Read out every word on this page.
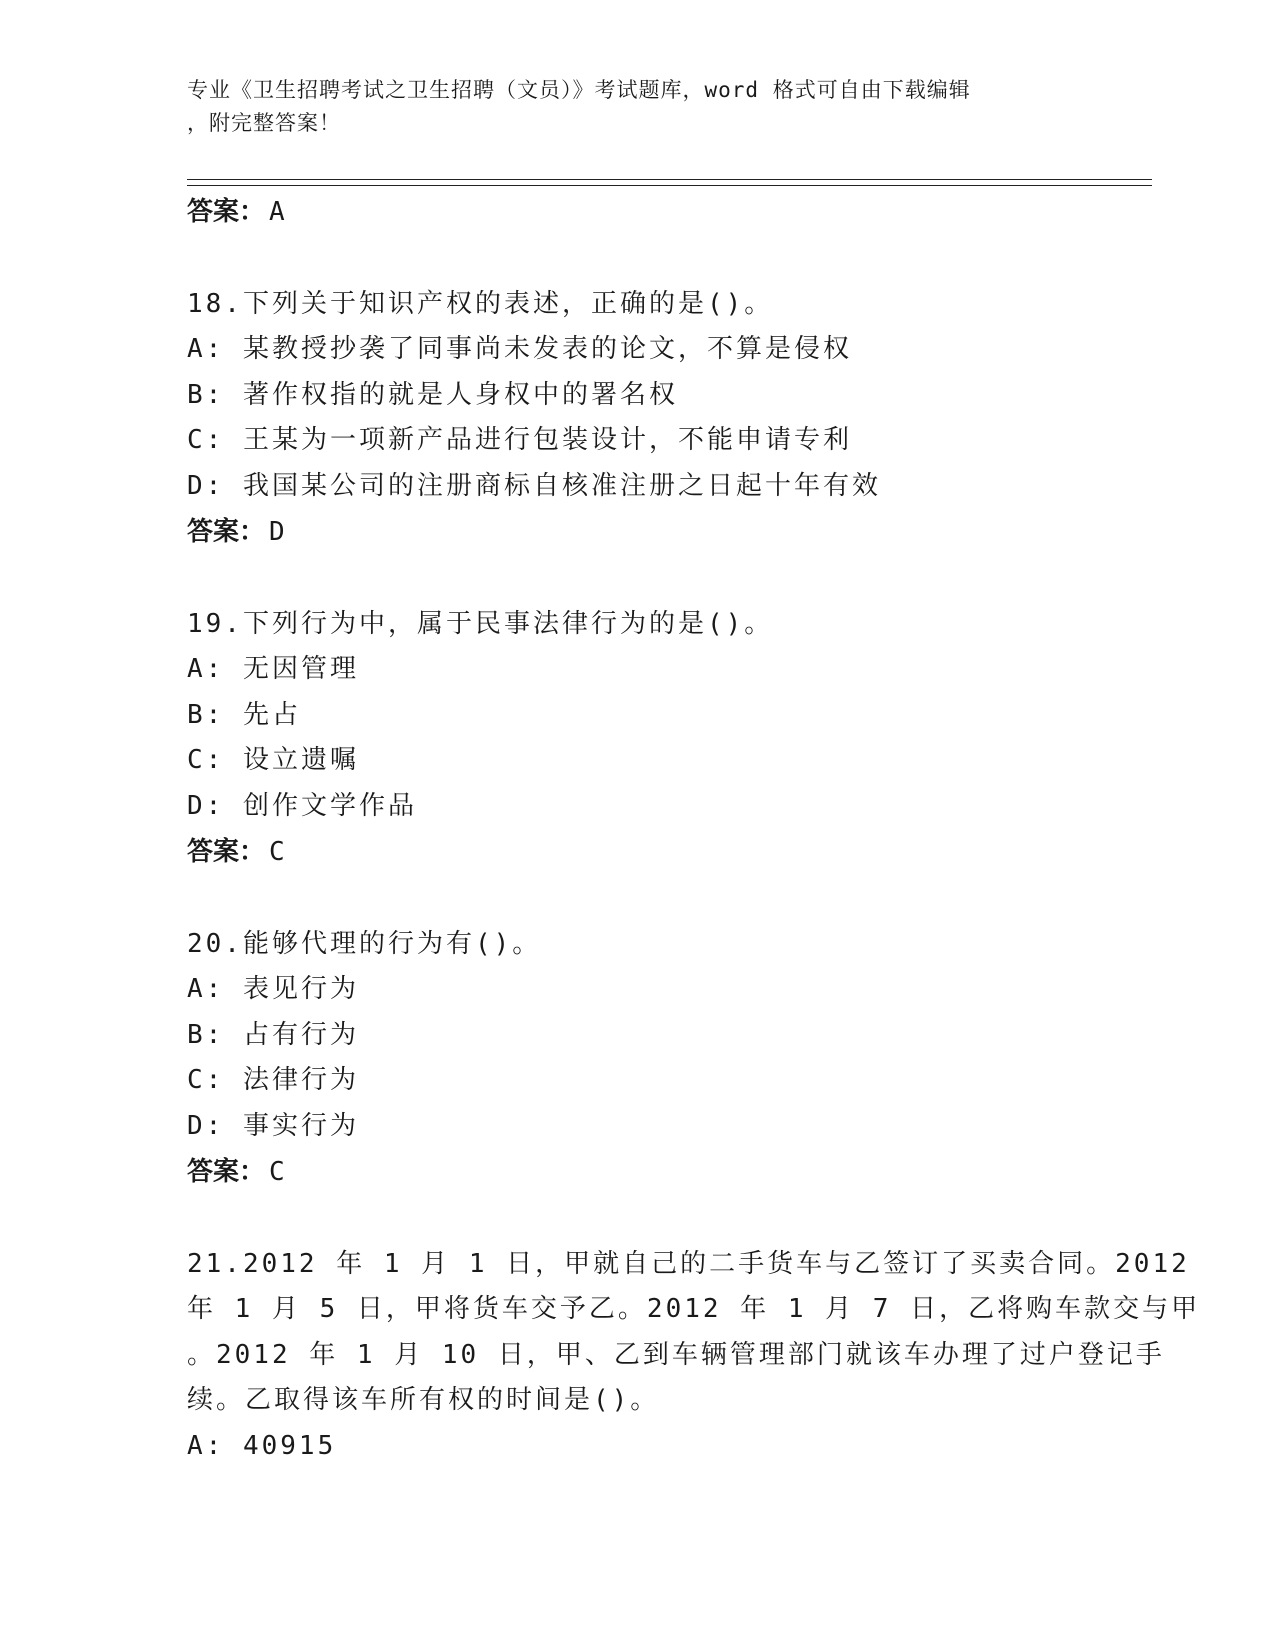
专业《卫生招聘考试之卫生招聘（文员）》考试题库，word 格式可自由下载编辑
，附完整答案！
答案： A
18.下列关于知识产权的表述，正确的是()。
A: 某教授抄袭了同事尚未发表的论文，不算是侵权
B: 著作权指的就是人身权中的署名权
C: 王某为一项新产品进行包装设计，不能申请专利
D: 我国某公司的注册商标自核准注册之日起十年有效
答案： D
19.下列行为中，属于民事法律行为的是()。
A: 无因管理
B: 先占
C: 设立遗嘱
D: 创作文学作品
答案： C
20.能够代理的行为有()。
A: 表见行为
B: 占有行为
C: 法律行为
D: 事实行为
答案： C
21.2012 年 1 月 1 日，甲就自己的二手货车与乙签订了买卖合同。2012
年 1 月 5 日，甲将货车交予乙。2012 年 1 月 7 日，乙将购车款交与甲
。2012 年 1 月 10 日，甲、乙到车辆管理部门就该车办理了过户登记手
续。乙取得该车所有权的时间是()。
A: 40915
